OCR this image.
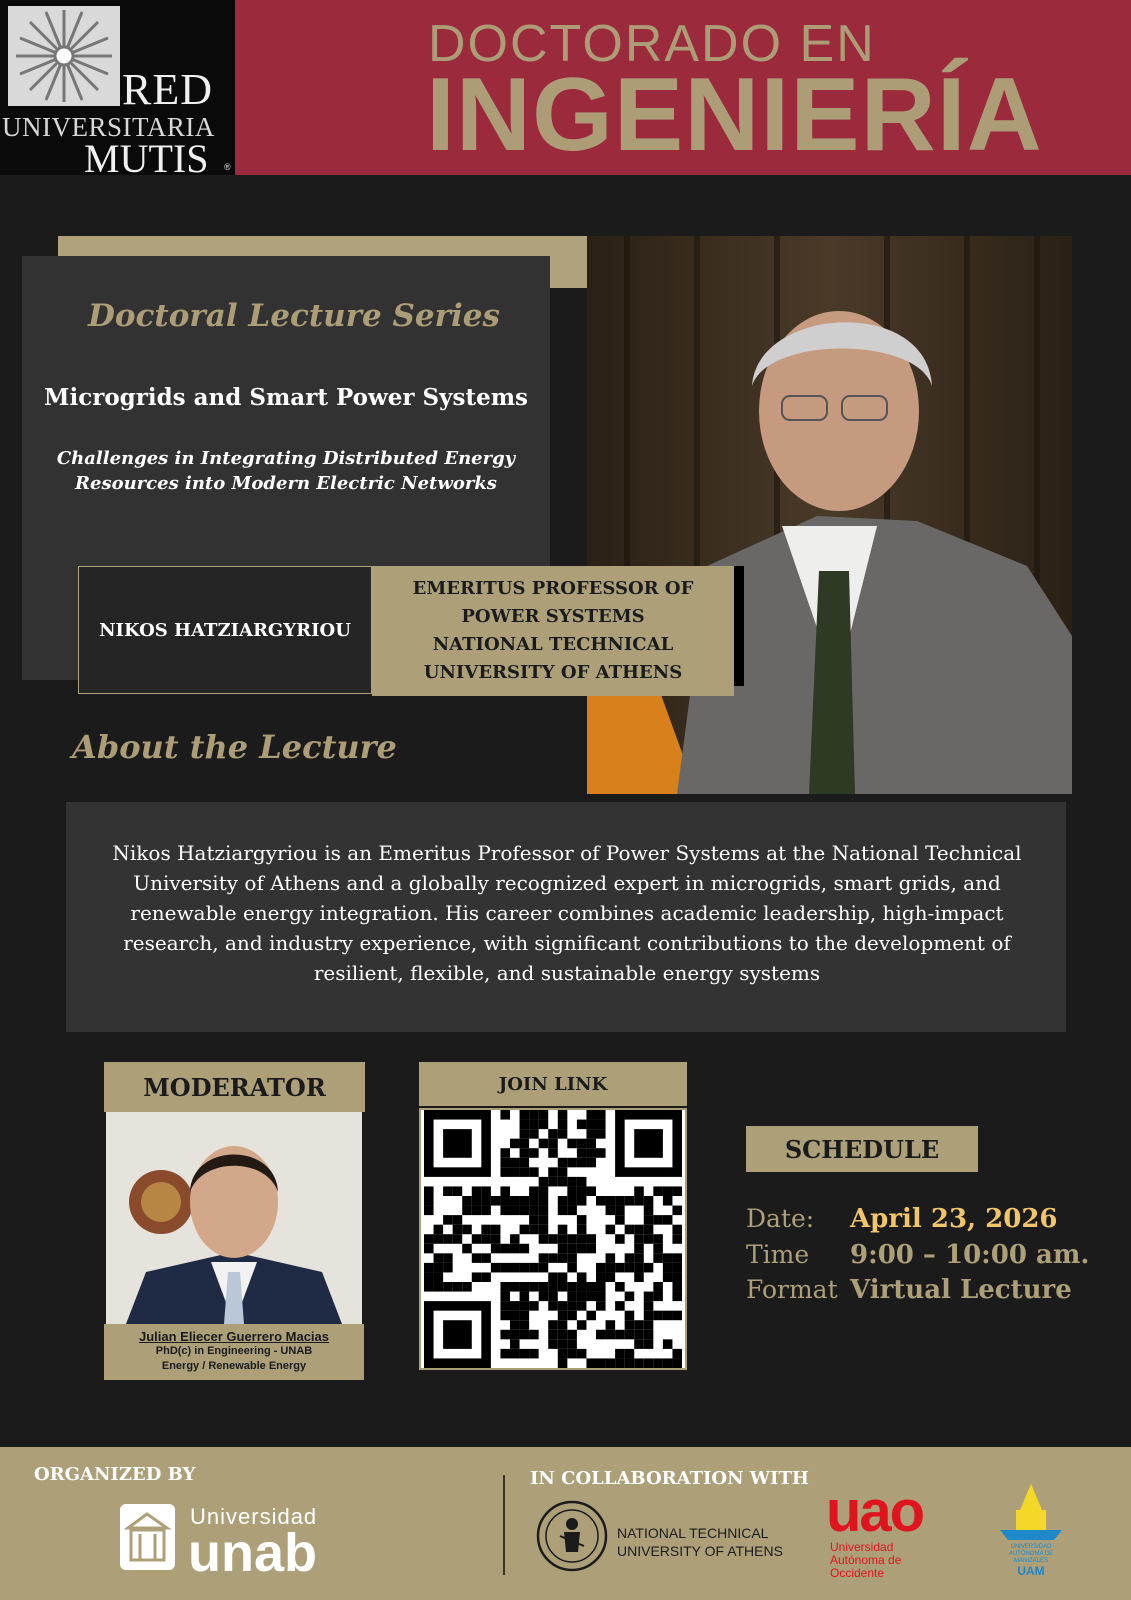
RED
UNIVERSITARIA
MUTIS ®
DOCTORADO EN
INGENIERÍA
Doctoral Lecture Series
Microgrids and Smart Power Systems
Challenges in Integrating Distributed Energy
Resources into Modern Electric Networks
NIKOS HATZIARGYRIOU
EMERITUS PROFESSOR OF
POWER SYSTEMS
NATIONAL TECHNICAL
UNIVERSITY OF ATHENS
About the Lecture
Nikos Hatziargyriou is an Emeritus Professor of Power Systems at the National Technical University of Athens and a globally recognized expert in microgrids, smart grids, and renewable energy integration. His career combines academic leadership, high-impact research, and industry experience, with significant contributions to the development of resilient, flexible, and sustainable energy systems
MODERATOR
Julian Eliecer Guerrero Macias
PhD(c) in Engineering - UNAB
Energy / Renewable Energy
JOIN LINK
SCHEDULE
Date: April 23, 2026
Time 9:00 – 10:00 am.
Format Virtual Lecture
ORGANIZED BY	IN COLLABORATION WITH
Universidad
unab	NATIONAL TECHNICAL
UNIVERSITY OF ATHENS
uao
Universidad
Autónoma de
Occidente
UNIVERSIDAD
AUTÓNOMA DE
MANIZALES
UAM
